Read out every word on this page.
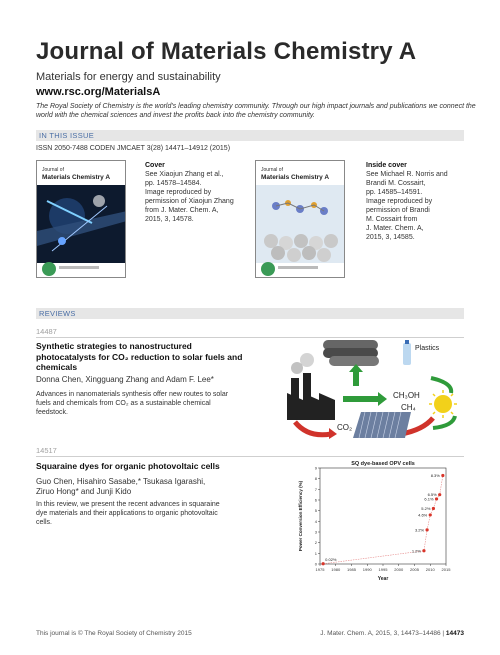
Journal of Materials Chemistry A
Materials for energy and sustainability
www.rsc.org/MaterialsA
The Royal Society of Chemistry is the world's leading chemistry community. Through our high impact journals and publications we connect the world with the chemical sciences and invest the profits back into the chemistry community.
IN THIS ISSUE
ISSN 2050-7488 CODEN JMCAET 3(28) 14471–14912 (2015)
Journal of
Materials Chemistry A
Cover
See Xiaojun Zhang et al.,
pp. 14578–14584.
Image reproduced by
permission of Xiaojun Zhang
from J. Mater. Chem. A,
2015, 3, 14578.
Journal of
Materials Chemistry A
Inside cover
See Michael R. Norris and
Brandi M. Cossairt,
pp. 14585–14591.
Image reproduced by
permission of Brandi
M. Cossairt from
J. Mater. Chem. A,
2015, 3, 14585.
REVIEWS
14487
Synthetic strategies to nanostructured
photocatalysts for CO₂ reduction to solar fuels and
chemicals
Donna Chen, Xingguang Zhang and Adam F. Lee*
Advances in nanomaterials synthesis offer new routes to solar
fuels and chemicals from CO₂ as a sustainable chemical
feedstock.
Plastics
CH₃OH
CH₄
CO₂
14517
Squaraine dyes for organic photovoltaic cells
Guo Chen, Hisahiro Sasabe,* Tsukasa Igarashi,
Ziruo Hong* and Junji Kido
In this review, we present the recent advances in squaraine
dye materials and their applications to organic photovoltaic
cells.
SQ dye-based OPV cells
1975 1980 1985 1990 1995 2000 2005 2010 2015
0
1
2
3
4
5
6
7
8
9
Year
Power Conversion Efficiency (%)
0.02%
1.2%
3.2%
4.6%
5.2%
6.1%
6.5%
8.3%
This journal is © The Royal Society of Chemistry 2015	J. Mater. Chem. A, 2015, 3, 14473–14486 | 14473
